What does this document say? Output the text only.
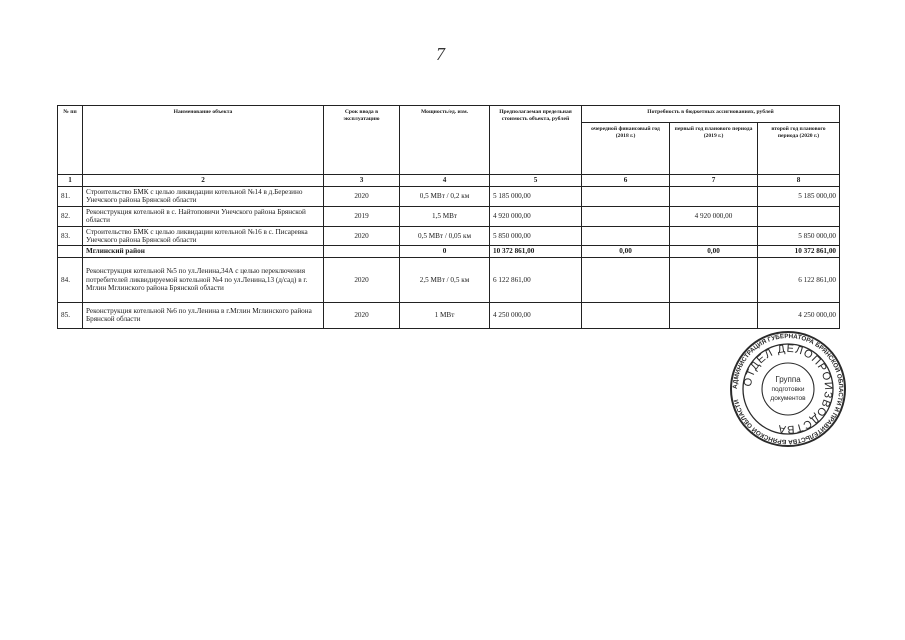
7
№ пп	Наименование объекта	Срок ввода в эксплуатацию	Мощность/ед. изм.	Предполагаемая предельная стоимость объекта, рублей	Потребность в бюджетных ассигнованиях, рублей		
					очередной финансовый год (2018 г.)	первый год планового периода (2019 г.)	второй год планового периода (2020 г.)
1	2	3	4	5	6	7	8
81.	Строительство БМК с целью ликвидации котельной №14 в д.Березино Унечского района Брянской области	2020	0,5 МВт / 0,2 км	5 185 000,00			5 185 000,00
82.	Реконструкция котельной в с. Найтоповичи Унечского района Брянской области	2019	1,5 МВт	4 920 000,00		4 920 000,00	
83.	Строительство БМК с целью ликвидации котельной №16 в с. Писаревка Унечского района Брянской области	2020	0,5 МВт / 0,05 км	5 850 000,00			5 850 000,00
	Мглинский район		0	10 372 861,00	0,00	0,00	10 372 861,00
84.	Реконструкция котельной №5 по ул.Ленина,34А с целью переключения потребителей ликвидируемой котельной №4 по ул.Ленина,13 (д/сад) в г. Мглин Мглинского района Брянской области	2020	2,5 МВт / 0,5 км	6 122 861,00			6 122 861,00
85.	Реконструкция котельной №6 по ул.Ленина в г.Мглин Мглинского района Брянской области	2020	1 МВт	4 250 000,00			4 250 000,00
АДМИНИСТРАЦИЯ ГУБЕРНАТОРА БРЯНСКОЙ ОБЛАСТИ И ПРАВИТЕЛЬСТВА БРЯНСКОЙ ОБЛАСТИ
ОТДЕЛ ДЕЛОПРОИЗВОДСТВА
Группа
подготовки
документов
